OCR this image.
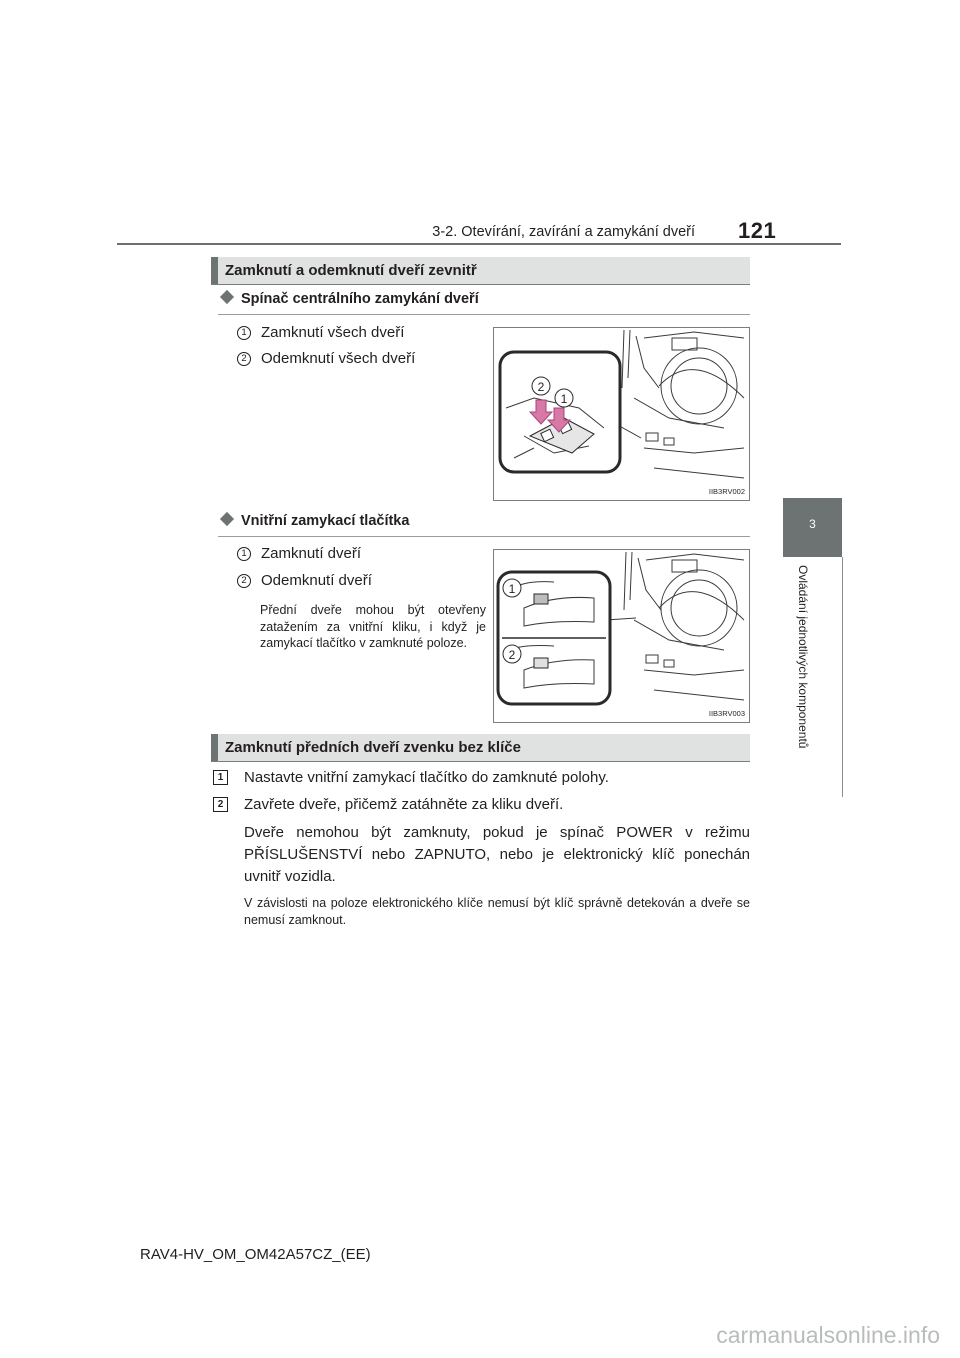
3-2. Otevírání, zavírání a zamykání dveří 121
3
Ovládání jednotlivých komponentů
Zamknutí a odemknutí dveří zevnitř
Spínač centrálního zamykání dveří
1 Zamknutí všech dveří
2 Odemknutí všech dveří
2
1
IIB3RV002
Vnitřní zamykací tlačítka
1 Zamknutí dveří
2 Odemknutí dveří
Přední dveře mohou být otevřeny zatažením za vnitřní kliku, i když je zamykací tlačítko v zamknuté poloze.
1
2
IIB3RV003
Zamknutí předních dveří zvenku bez klíče
1	Nastavte vnitřní zamykací tlačítko do zamknuté polohy.
2	Zavřete dveře, přičemž zatáhněte za kliku dveří.
Dveře nemohou být zamknuty, pokud je spínač POWER v režimu PŘÍSLUŠENSTVÍ nebo ZAPNUTO, nebo je elektronický klíč ponechán uvnitř vozidla.
V závislosti na poloze elektronického klíče nemusí být klíč správně detekován a dveře se nemusí zamknout.
RAV4-HV_OM_OM42A57CZ_(EE)
carmanualsonline.info
